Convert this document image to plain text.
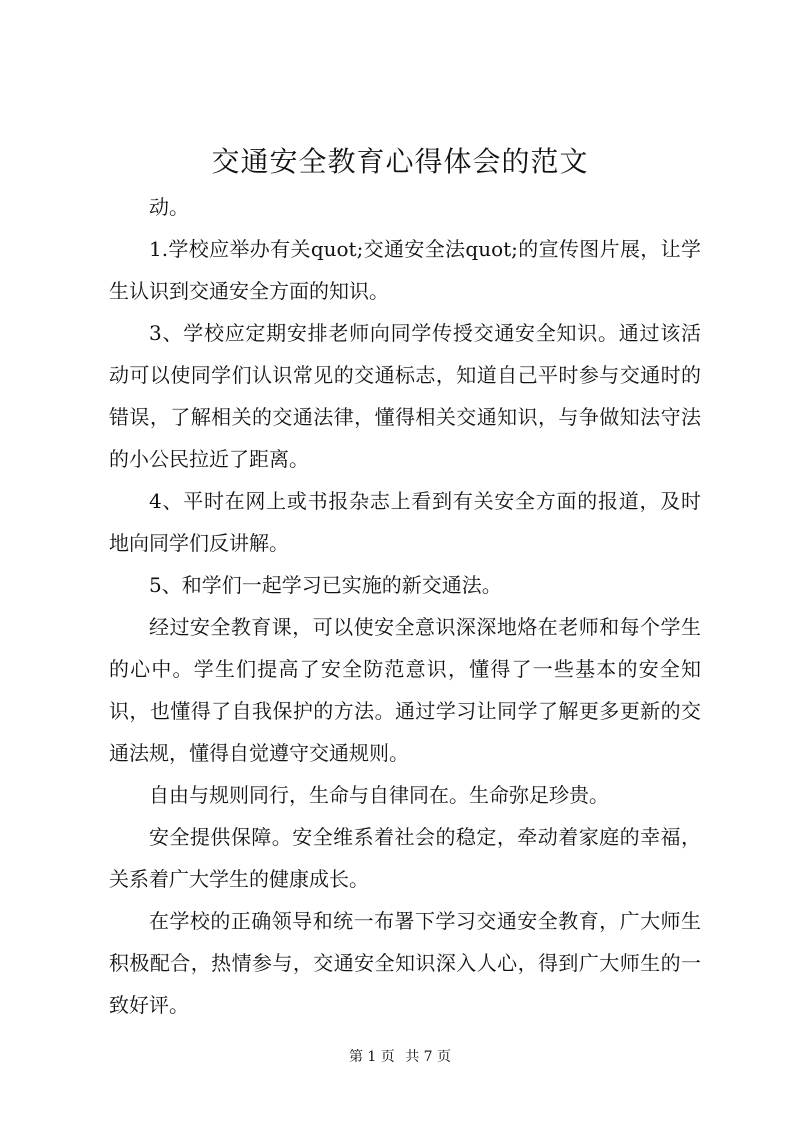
交通安全教育心得体会的范文

动。

1.学校应举办有关quot;交通安全法quot;的宣传图片展，让学生认识到交通安全方面的知识。

3、学校应定期安排老师向同学传授交通安全知识。通过该活动可以使同学们认识常见的交通标志，知道自己平时参与交通时的错误，了解相关的交通法律，懂得相关交通知识，与争做知法守法的小公民拉近了距离。

4、平时在网上或书报杂志上看到有关安全方面的报道，及时地向同学们反讲解。

5、和学们一起学习已实施的新交通法。

经过安全教育课，可以使安全意识深深地烙在老师和每个学生的心中。学生们提高了安全防范意识，懂得了一些基本的安全知识，也懂得了自我保护的方法。通过学习让同学了解更多更新的交通法规，懂得自觉遵守交通规则。

自由与规则同行，生命与自律同在。生命弥足珍贵。

安全提供保障。安全维系着社会的稳定，牵动着家庭的幸福，关系着广大学生的健康成长。

在学校的正确领导和统一布署下学习交通安全教育，广大师生积极配合，热情参与，交通安全知识深入人心，得到广大师生的一致好评。

第 1 页 共 7 页
